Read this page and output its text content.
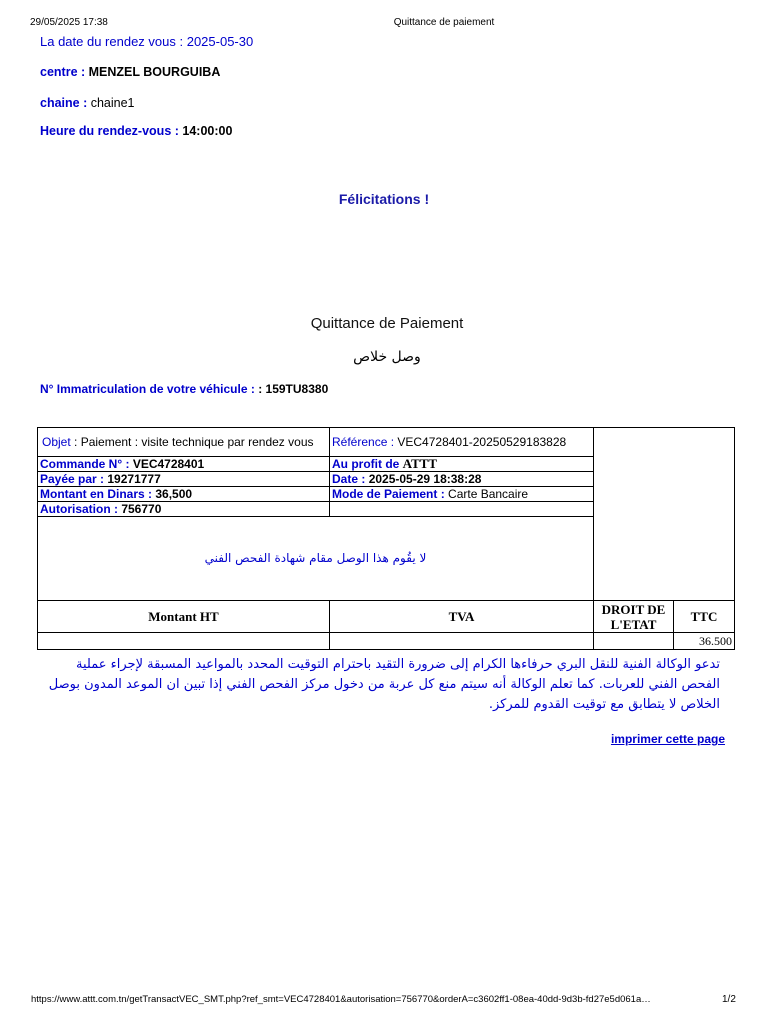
29/05/2025 17:38	Quittance de paiement
La date du rendez vous : 2025-05-30
centre : MENZEL BOURGUIBA
chaine : chaine1
Heure du rendez-vous : 14:00:00
Félicitations !
Quittance de Paiement
وصل خلاص
N° Immatriculation de votre véhicule : : 159TU8380
Objet : Paiement : visite technique par rendez vous	Référence : VEC4728401-20250529183828		
Commande N° : VEC4728401	Au profit de ATTT		
Payée par : 19271777	Date : 2025-05-29 18:38:28		
Montant en Dinars : 36,500	Mode de Paiement : Carte Bancaire		
Autorisation : 756770			
لا يقُوم هذا الوصل مقام شهادة الفحص الفني			
Montant HT	TVA	DROIT DE L'ETAT	TTC
			36.500
تدعو الوكالة الفنية للنقل البري حرفاءها الكرام إلى ضرورة التقيد باحترام التوقيت المحدد بالمواعيد المسبقة لإجراء عملية الفحص الفني للعربات. كما تعلم الوكالة أنه سيتم منع كل عربة من دخول مركز الفحص الفني إذا تبين ان الموعد المدون بوصل الخلاص لا يتطابق مع توقيت القدوم للمركز.
imprimer cette page
https://www.attt.com.tn/getTransactVEC_SMT.php?ref_smt=VEC4728401&autorisation=756770&orderA=c3602ff1-08ea-40dd-9d3b-fd27e5d061a…	1/2
